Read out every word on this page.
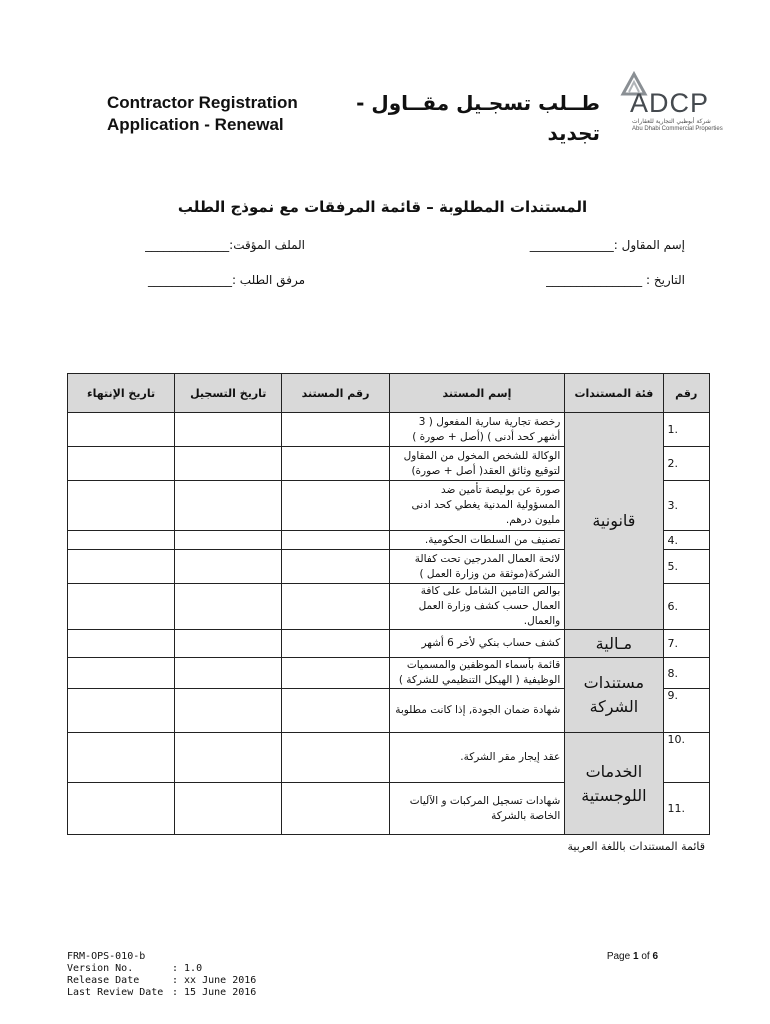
Contractor Registration
Application - Renewal
طــلب تسجـيل مقــاول -
تجديد
ADCP
شركة أبوظبي التجارية للعقارات
Abu Dhabi Commercial Properties
المستندات المطلوبة – قائمة المرفقات مع نموذج الطلب
إسم المقاول :______________
الملف المؤقت:______________
التاريخ : ________________
مرفق الطلب :______________
رقم	فئة المستندات	إسم المستند	رقم المستند	تاريخ التسجيل	تاريخ الإنتهاء
1.	قانونية	رخصة تجارية سارية المفعول ( 3 أشهر كحد أدنى ) (أصل + صورة )			
2.		الوكالة للشخص المخول من المقاول لتوقيع وثائق العقد( أصل + صورة)			
3.		صورة عن بوليصة تأمين ضد المسؤولية المدنية يغطي كحد ادنى مليون درهم.			
4.		تصنيف من السلطات الحكومية.			
5.		لائحة العمال المدرجين تحت كفالة الشركة(موثقة من وزارة العمل )			
6.		بوالص التامين الشامل على كافة العمال حسب كشف وزارة العمل والعمال.			
7.	مـالية	كشف حساب بنكي لأخر 6 أشهر			
8.	مستندات الشركة	قائمة بأسماء الموظفين والمسميات الوظيفية ( الهيكل التنظيمي للشركة )			
9.		شهادة ضمان الجودة, إذا كانت مطلوبة			
10.	الخدمات اللوجستية	عقد إيجار مقر الشركة.			
11.		شهادات تسجيل المركبات و الآليات الخاصة بالشركة			
قائمة المستندات باللغة العربية
FRM-OPS-010-b
Version No.	: 1.0
Release Date	: xx June 2016
Last Review Date : 15 June 2016
Page 1 of 6
